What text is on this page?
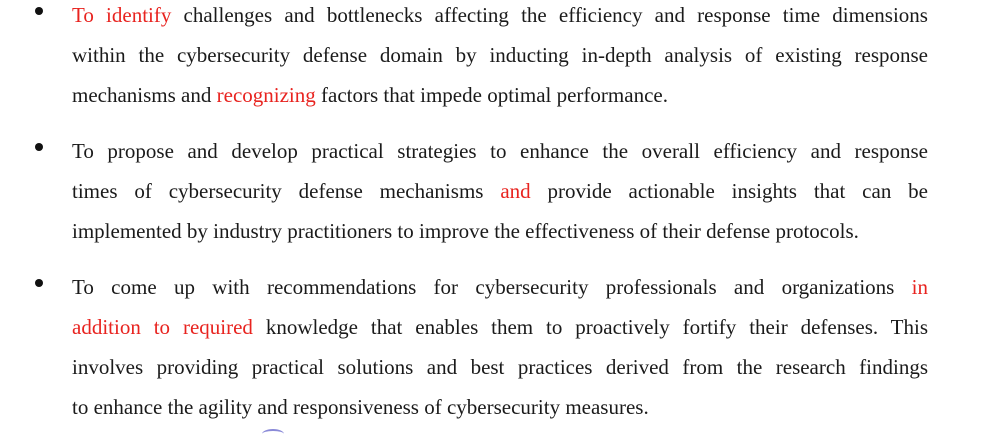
To identify challenges and bottlenecks affecting the efficiency and response time dimensions
within the cybersecurity defense domain by inducting in-depth analysis of existing response
mechanisms and recognizing factors that impede optimal performance.
To propose and develop practical strategies to enhance the overall efficiency and response
times of cybersecurity defense mechanisms and provide actionable insights that can be
implemented by industry practitioners to improve the effectiveness of their defense protocols.
To come up with recommendations for cybersecurity professionals and organizations in
addition to required knowledge that enables them to proactively fortify their defenses. This
involves providing practical solutions and best practices derived from the research findings
to enhance the agility and responsiveness of cybersecurity measures.
